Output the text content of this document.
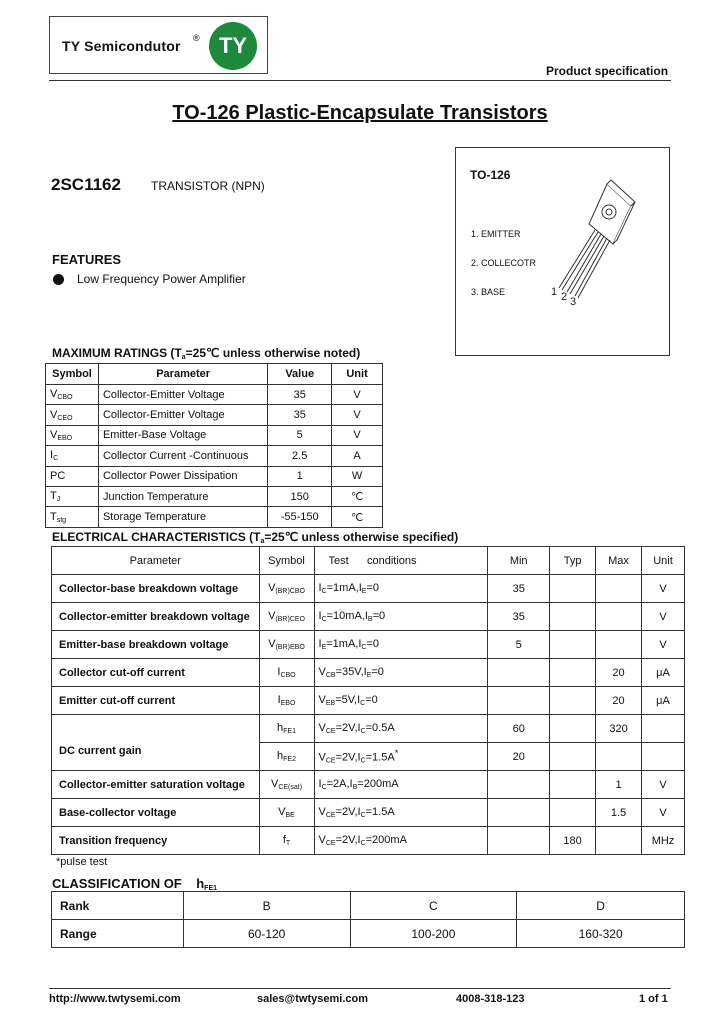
TY Semicondutor ® TY
Product specification
TO-126 Plastic-Encapsulate Transistors
2SC1162	TRANSISTOR (NPN)
TO-126
1. EMITTER
2. COLLECOTR
3. BASE	1 2 3
FEATURES
Low Frequency Power Amplifier
MAXIMUM RATINGS ($T_a=25℃$ unless otherwise noted)
Symbol	Parameter	Value	Unit
$V_{CBO}$	Collector-Emitter Voltage	35	V
$V_{CEO}$	Collector-Emitter Voltage	35	V
$V_{EBO}$	Emitter-Base Voltage	5	V
$I_C$	Collector Current -Continuous	2.5	A
PC	Collector Power Dissipation	1	W
$T_J$	Junction Temperature	150	℃
$T_{stg}$	Storage Temperature	-55-150	℃
ELECTRICAL CHARACTERISTICS ($T_a=25℃$ unless otherwise specified)
Parameter	Symbol	Test      conditions	Min	Typ	Max	Unit
Collector-base breakdown voltage	$V_{(BR)CBO}$	$I_C=1mA,I_E=0$	35			V
Collector-emitter breakdown voltage	$V_{(BR)CEO}$	$I_C=10mA,I_B=0$	35			V
Emitter-base breakdown voltage	$V_{(BR)EBO}$	$I_E=1mA,I_C=0$	5			V
Collector cut-off current	$I_{CBO}$	$V_{CB}=35V,I_E=0$			20	μA
Emitter cut-off current	$I_{EBO}$	$V_{EB}=5V,I_C=0$			20	μA
DC current gain	$h_{FE1}$	$V_{CE}=2V,I_C=0.5A$	60		320	
	$h_{FE2}$	$V_{CE}=2V,I_C=1.5A^*$	20			
Collector-emitter saturation voltage	$V_{CE(sat)}$	$I_C=2A,I_B=200mA$			1	V
Base-collector voltage	$V_{BE}$	$V_{CE}=2V,I_C=1.5A$			1.5	V
Transition frequency	$f_T$	$V_{CE}=2V,I_C=200mA$		180		MHz
*pulse test
CLASSIFICATION OF $h_{FE1}$
Rank	B	C	D
Range	60-120	100-200	160-320
http://www.twtysemi.com	sales@twtysemi.com	4008-318-123	1 of 1
